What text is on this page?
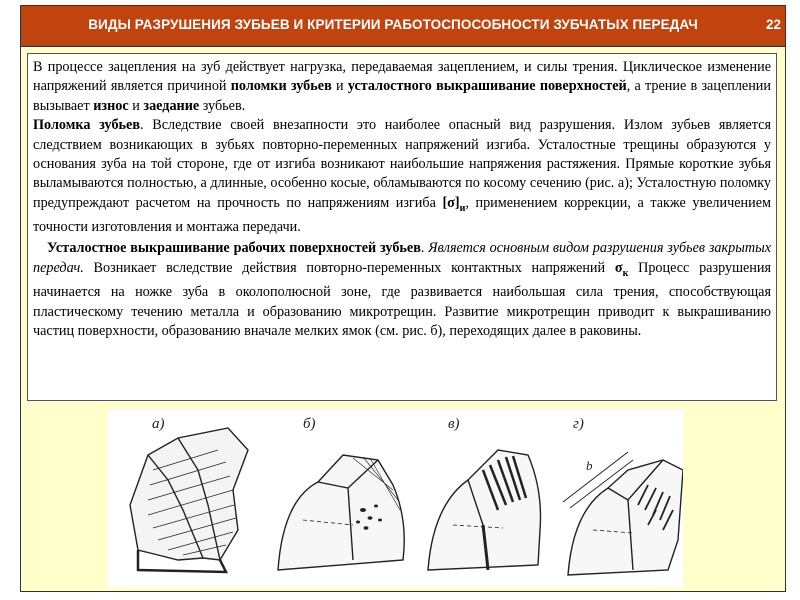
ВИДЫ РАЗРУШЕНИЯ ЗУБЬЕВ И КРИТЕРИИ РАБОТОСПОСОБНОСТИ ЗУБЧАТЫХ ПЕРЕДАЧ	22

В процессе зацепления на зуб действует нагрузка, передаваемая зацеплением, и силы трения. Циклическое изменение напряжений является причиной поломки зубьев и усталостного выкрашивание поверхностей, а трение в зацеплении вызывает износ и заедание зубьев.

Поломка зубьев. Вследствие своей внезапности это наиболее опасный вид разрушения. Излом зубьев является следствием возникающих в зубьях повторно-переменных напряжений изгиба. Усталостные трещины образуются у основания зуба на той стороне, где от изгиба возникают наибольшие напряжения растяжения. Прямые короткие зубья выламываются полностью, а длинные, особенно косые, обламываются по косому сечению (рис. а); Усталостную поломку предупреждают расчетом на прочность по напряжениям изгиба $[\sigma]_и$, применением коррекции, а также увеличением точности изготовления и монтажа передачи.

Усталостное выкрашивание рабочих поверхностей зубьев. Является основным видом разрушения зубьев закрытых передач. Возникает вследствие действия повторно-переменных контактных напряжений $\sigma_к$ Процесс разрушения начинается на ножке зуба в околополюсной зоне, где развивается наибольшая сила трения, способствующая пластическому течению металла и образованию микротрещин. Развитие микротрещин приводит к выкрашиванию частиц поверхности, образованию вначале мелких ямок (см. рис. б), переходящих далее в раковины.

а)	б)	в)	г)
b
